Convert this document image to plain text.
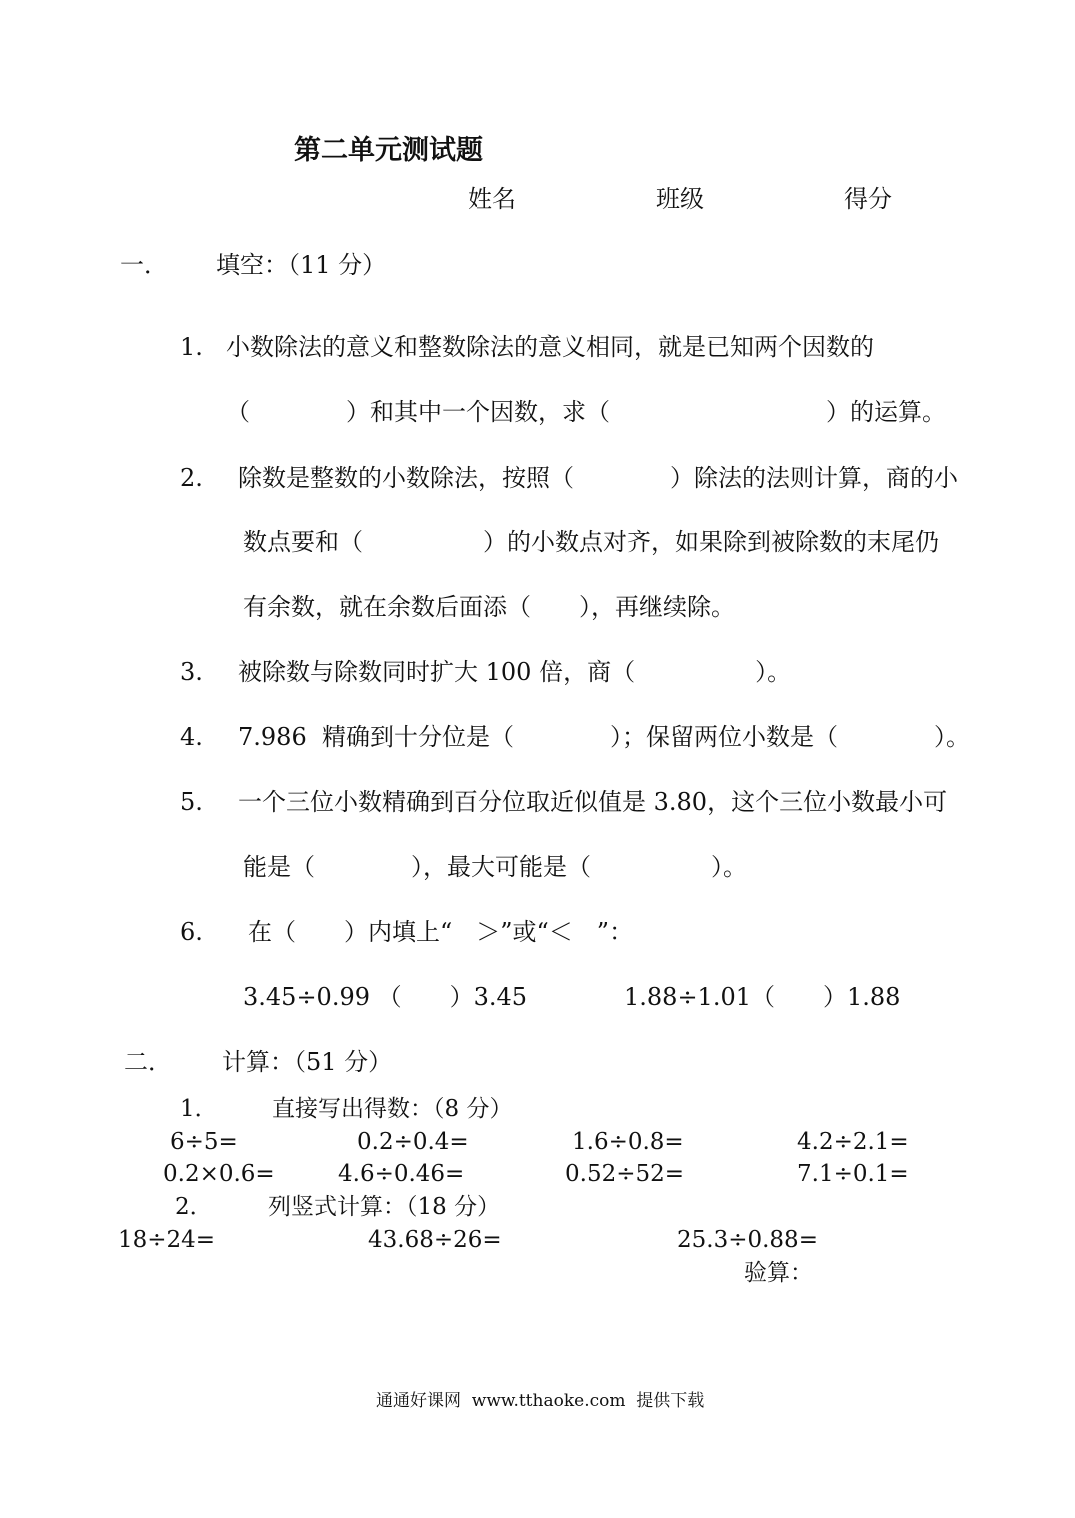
第二单元测试题
姓名	班级	得分
一． 填空：（11 分）
1. 小数除法的意义和整数除法的意义相同，就是已知两个因数的
（　　　　）和其中一个因数，求（　　　　　　　　　）的运算。
2. 除数是整数的小数除法，按照（　　　　）除法的法则计算，商的小
数点要和（　　　　　）的小数点对齐，如果除到被除数的末尾仍
有余数，就在余数后面添（　　），再继续除。
3. 被除数与除数同时扩大 100 倍，商（　　　　　）。
4. 7.986  精确到十分位是（　　　　）；保留两位小数是（　　　　）。
5. 一个三位小数精确到百分位取近似值是 3.80，这个三位小数最小可
能是（　　　　），最大可能是（　　　　　）。
6. 在（　　）内填上“　＞”或“＜　”：
3.45÷0.99 （　　）3.45	1.88÷1.01（　　）1.88
二． 计算：（51 分）
1． 直接写出得数：（8 分）
6÷5=	0.2÷0.4=	1.6÷0.8=	4.2÷2.1=
0.2×0.6=	4.6÷0.46=	0.52÷52=	7.1÷0.1=
2． 列竖式计算：（18 分）
18÷24=	43.68÷26=	25.3÷0.88=
验算：
通通好课网  www.tthaoke.com  提供下载
